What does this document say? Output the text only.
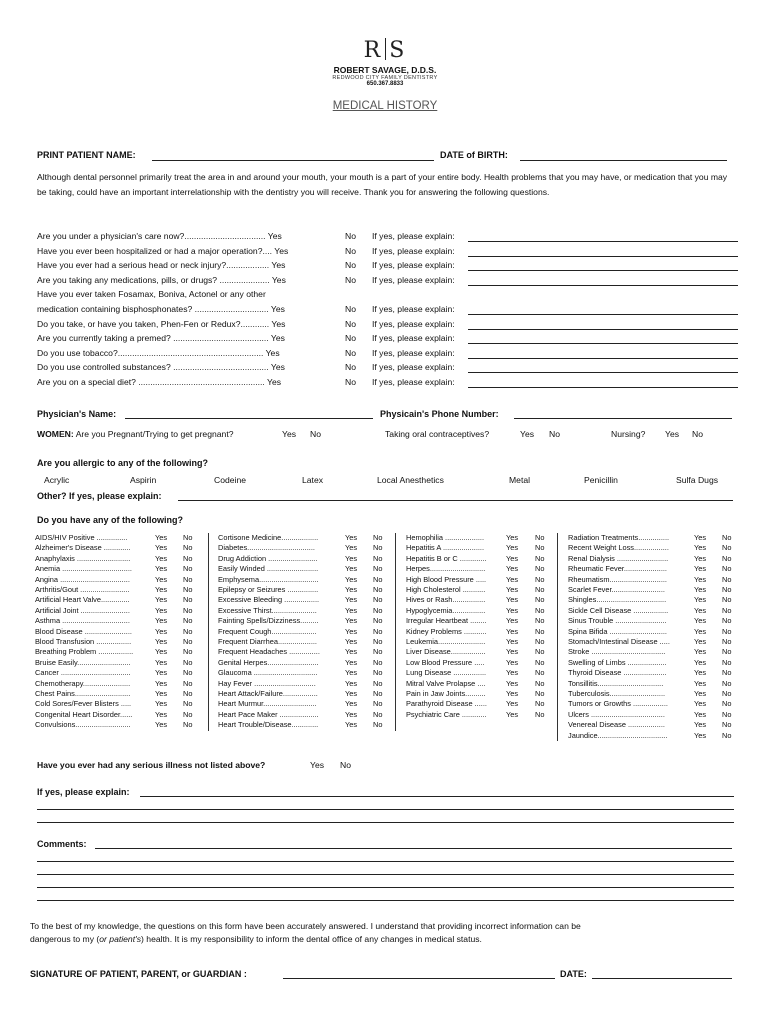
R S
ROBERT SAVAGE, D.D.S.
REDWOOD CITY FAMILY DENTISTRY
650.367.8833
MEDICAL HISTORY
PRINT PATIENT NAME:	DATE of BIRTH:
Although dental personnel primarily treat the area in and around your mouth, your mouth is a part of your entire body. Health problems that you may have, or medication that you may be taking, could have an important interrelationship with the dentistry you will receive. Thank you for answering the following questions.
Are you under a physician's care now?.................................. Yes	No If yes, please explain:
Have you ever been hospitalized or had a major operation?.... Yes	No If yes, please explain:
Have you ever had a serious head or neck injury?.................. Yes	No If yes, please explain:
Are you taking any medications, pills, or drugs? ..................... Yes	No If yes, please explain:
Have you ever taken Fosamax, Boniva, Actonel or any other
medication containing bisphosphonates? ............................... Yes	No If yes, please explain:
Do you take, or have you taken, Phen-Fen or Redux?............ Yes	No If yes, please explain:
Are you currently taking a premed? ........................................ Yes	No If yes, please explain:
Do you use tobacco?............................................................. Yes	No If yes, please explain:
Do you use controlled substances? ........................................ Yes	No If yes, please explain:
Are you on a special diet? ..................................................... Yes	No If yes, please explain:
Physician's Name:	Physicain's Phone Number:
WOMEN: Are you Pregnant/Trying to get pregnant?	Yes No	Taking oral contraceptives?	Yes No	Nursing? Yes No
Are you allergic to any of the following?
Acrylic	Aspirin	Codeine	Latex	Local Anesthetics	Metal	Penicillin	Sulfa Dugs
Other? If yes, please explain:
Do you have any of the following?
AIDS/HIV Positive ...............	Yes No
Alzheimer's Disease .............	Yes No
Anaphylaxis ..........................	Yes No
Anemia ..................................	Yes No
Angina ..................................	Yes No
Arthritis/Gout ........................	Yes No
Artificial Heart Valve..............	Yes No
Artificial Joint ........................	Yes No
Asthma .................................	Yes No
Blood Disease .......................	Yes No
Blood Transfusion .................	Yes No
Breathing Problem .................	Yes No
Bruise Easily..........................	Yes No
Cancer ..................................	Yes No
Chemotherapy.......................	Yes No
Chest Pains...........................	Yes No
Cold Sores/Fever Blisters .....	Yes No
Congenital Heart Disorder......	Yes No
Convulsions...........................	Yes No
Cortisone Medicine..................	Yes No
Diabetes.................................	Yes No
Drug Addiction ........................	Yes No
Easily Winded .........................	Yes No
Emphysema.............................	Yes No
Epilepsy or Seizures ...............	Yes No
Excessive Bleeding .................	Yes No
Excessive Thirst......................	Yes No
Fainting Spells/Dizziness.........	Yes No
Frequent Cough......................	Yes No
Frequent Diarrhea...................	Yes No
Frequent Headaches ...............	Yes No
Genital Herpes.........................	Yes No
Glaucoma ...............................	Yes No
Hay Fever ..............................	Yes No
Heart Attack/Failure.................	Yes No
Heart Murmur..........................	Yes No
Heart Pace Maker ...................	Yes No
Heart Trouble/Disease.............	Yes No
Hemophilia ...................	Yes No
Hepatitis A ....................	Yes No
Hepatitis B or C .............	Yes No
Herpes...........................	Yes No
High Blood Pressure .....	Yes No
High Cholesterol ...........	Yes No
Hives or Rash................	Yes No
Hypoglycemia................	Yes No
Irregular Heartbeat ........	Yes No
Kidney Problems ...........	Yes No
Leukemia.......................	Yes No
Liver Disease.................	Yes No
Low Blood Pressure .....	Yes No
Lung Disease ................	Yes No
Mitral Valve Prolapse ....	Yes No
Pain in Jaw Joints..........	Yes No
Parathyroid Disease ......	Yes No
Psychiatric Care ............	Yes No
Radiation Treatments...............	Yes No
Recent Weight Loss.................	Yes No
Renal Dialysis .........................	Yes No
Rheumatic Fever.....................	Yes No
Rheumatism............................	Yes No
Scarlet Fever..........................	Yes No
Shingles..................................	Yes No
Sickle Cell Disease .................	Yes No
Sinus Trouble .........................	Yes No
Spina Bifida ............................	Yes No
Stomach/Intestinal Disease .....	Yes No
Stroke ....................................	Yes No
Swelling of Limbs ...................	Yes No
Thyroid Disease .....................	Yes No
Tonsillitis................................	Yes No
Tuberculosis...........................	Yes No
Tumors or Growths .................	Yes No
Ulcers ....................................	Yes No
Venereal Disease ..................	Yes No
Jaundice..................................	Yes No
Have you ever had any serious illness not listed above?	Yes No
If yes, please explain:
Comments:
To the best of my knowledge, the questions on this form have been accurately answered. I understand that providing incorrect information can be
dangerous to my (or patient's) health. It is my responsibility to inform the dental office of any changes in medical status.
SIGNATURE OF PATIENT, PARENT, or GUARDIAN :	DATE:
